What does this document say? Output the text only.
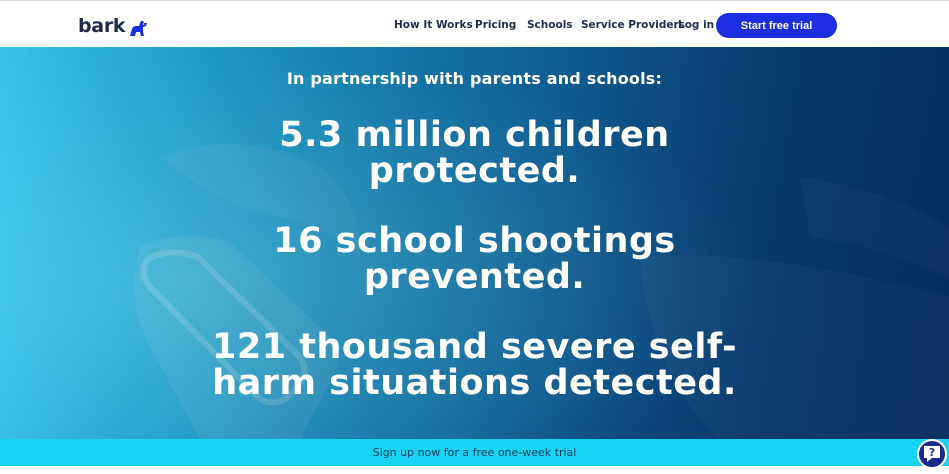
bark	How It Works Pricing Schools Service Providers
Log in	Start free trial
In partnership with parents and schools:
5.3 million children
protected.
16 school shootings
prevented.
121 thousand severe self-
harm situations detected.
Sign up now for a free one-week trial	?
